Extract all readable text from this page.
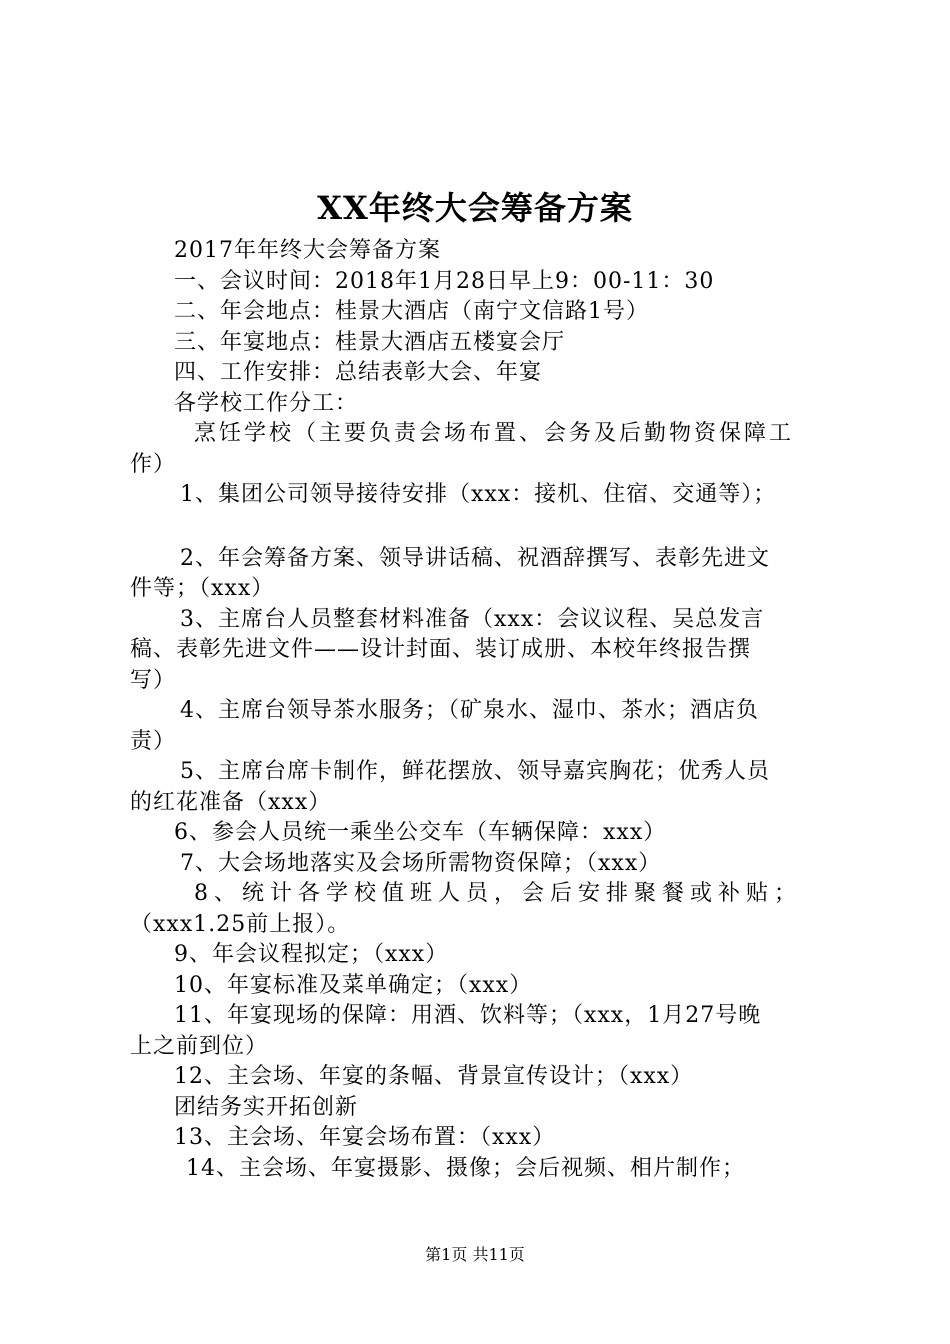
XX年终大会筹备方案
2017年年终大会筹备方案
一、会议时间：2018年1月28日早上9：00-11：30
二、年会地点：桂景大酒店（南宁文信路1号）
三、年宴地点：桂景大酒店五楼宴会厅
四、工作安排：总结表彰大会、年宴
各学校工作分工：
烹饪学校（主要负责会场布置、会务及后勤物资保障工
作）
1、集团公司领导接待安排（xxx：接机、住宿、交通等）；
2、年会筹备方案、领导讲话稿、祝酒辞撰写、表彰先进文
件等；（xxx）
3、主席台人员整套材料准备（xxx：会议议程、吴总发言
稿、表彰先进文件——设计封面、装订成册、本校年终报告撰
写）
4、主席台领导茶水服务；（矿泉水、湿巾、茶水；酒店负
责）
5、主席台席卡制作，鲜花摆放、领导嘉宾胸花；优秀人员
的红花准备（xxx）
6、参会人员统一乘坐公交车（车辆保障：xxx）
7、大会场地落实及会场所需物资保障；（xxx）
8、统计各学校值班人员，会后安排聚餐或补贴；
（xxx1.25前上报）。
9、年会议程拟定；（xxx）
10、年宴标准及菜单确定；（xxx）
11、年宴现场的保障：用酒、饮料等；（xxx，1月27号晚
上之前到位）
12、主会场、年宴的条幅、背景宣传设计；（xxx）
团结务实开拓创新
13、主会场、年宴会场布置：（xxx）
14、主会场、年宴摄影、摄像；会后视频、相片制作；
第1页 共11页
